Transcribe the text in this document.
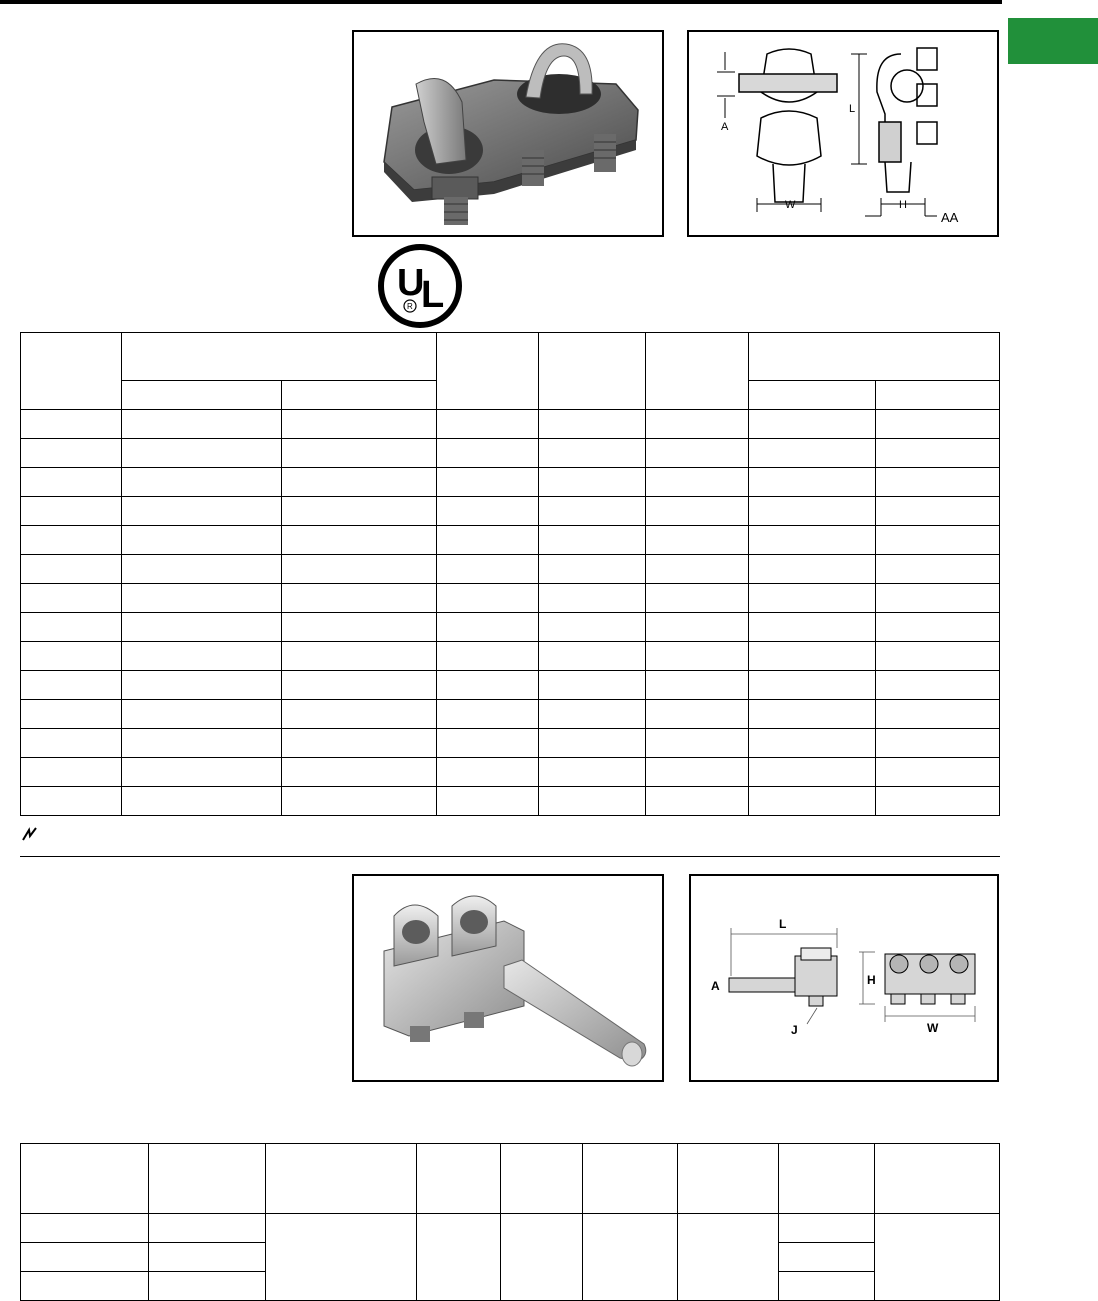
A
L
W	H
AA
U
L
R

L
A	H
J	W
